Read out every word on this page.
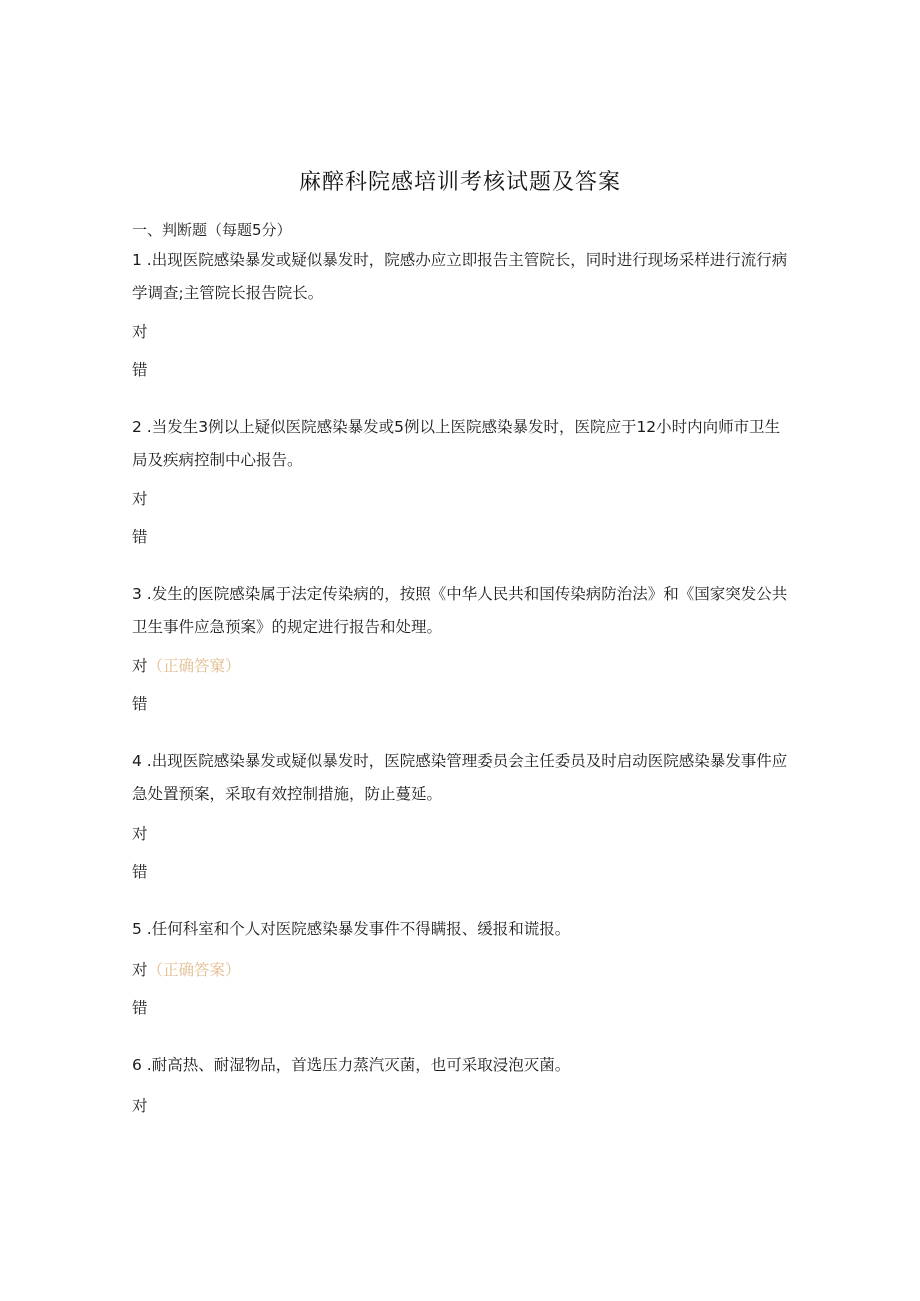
麻醉科院感培训考核试题及答案
一、判断题（每题5分）
1 .出现医院感染暴发或疑似暴发时，院感办应立即报告主管院长，同时进行现场采样进行流行病学调查;主管院长报告院长。
对
错
2 .当发生3例以上疑似医院感染暴发或5例以上医院感染暴发时，医院应于12小时内向师市卫生局及疾病控制中心报告。
对
错
3 .发生的医院感染属于法定传染病的，按照《中华人民共和国传染病防治法》和《国家突发公共卫生事件应急预案》的规定进行报告和处理。
对（正确答窠）
错
4 .出现医院感染暴发或疑似暴发时，医院感染管理委员会主任委员及时启动医院感染暴发事件应急处置预案，采取有效控制措施，防止蔓延。
对
错
5 .任何科室和个人对医院感染暴发事件不得瞒报、缓报和谎报。
对（正确答案）
错
6 .耐高热、耐湿物品，首选压力蒸汽灭菌，也可采取浸泡灭菌。
对
